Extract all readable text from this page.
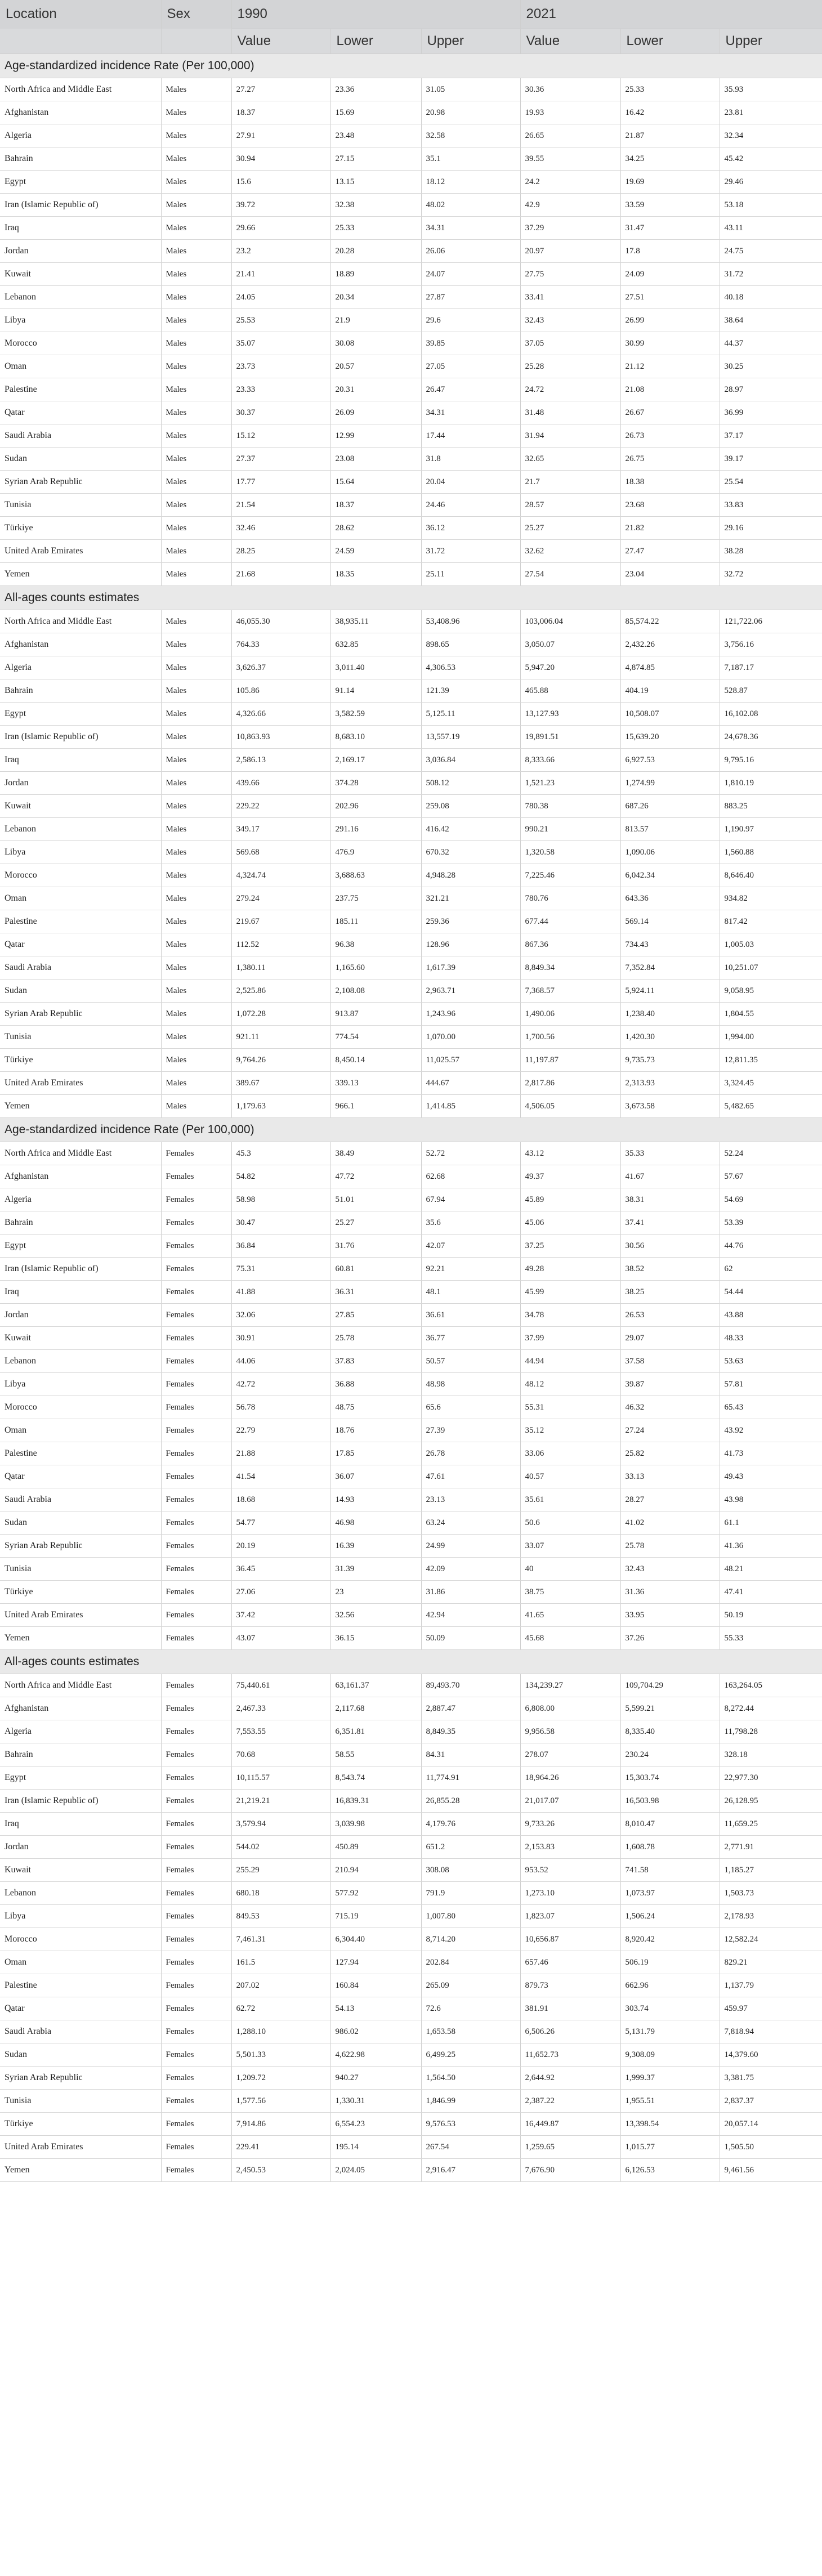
Location	Sex	1990			2021		
		Value	Lower	Upper	Value	Lower	Upper
Age-standardized incidence Rate (Per 100,000)							
North Africa and Middle East	Males	27.27	23.36	31.05	30.36	25.33	35.93
Afghanistan	Males	18.37	15.69	20.98	19.93	16.42	23.81
Algeria	Males	27.91	23.48	32.58	26.65	21.87	32.34
Bahrain	Males	30.94	27.15	35.1	39.55	34.25	45.42
Egypt	Males	15.6	13.15	18.12	24.2	19.69	29.46
Iran (Islamic Republic of)	Males	39.72	32.38	48.02	42.9	33.59	53.18
Iraq	Males	29.66	25.33	34.31	37.29	31.47	43.11
Jordan	Males	23.2	20.28	26.06	20.97	17.8	24.75
Kuwait	Males	21.41	18.89	24.07	27.75	24.09	31.72
Lebanon	Males	24.05	20.34	27.87	33.41	27.51	40.18
Libya	Males	25.53	21.9	29.6	32.43	26.99	38.64
Morocco	Males	35.07	30.08	39.85	37.05	30.99	44.37
Oman	Males	23.73	20.57	27.05	25.28	21.12	30.25
Palestine	Males	23.33	20.31	26.47	24.72	21.08	28.97
Qatar	Males	30.37	26.09	34.31	31.48	26.67	36.99
Saudi Arabia	Males	15.12	12.99	17.44	31.94	26.73	37.17
Sudan	Males	27.37	23.08	31.8	32.65	26.75	39.17
Syrian Arab Republic	Males	17.77	15.64	20.04	21.7	18.38	25.54
Tunisia	Males	21.54	18.37	24.46	28.57	23.68	33.83
Türkiye	Males	32.46	28.62	36.12	25.27	21.82	29.16
United Arab Emirates	Males	28.25	24.59	31.72	32.62	27.47	38.28
Yemen	Males	21.68	18.35	25.11	27.54	23.04	32.72
All-ages counts estimates							
North Africa and Middle East	Males	46,055.30	38,935.11	53,408.96	103,006.04	85,574.22	121,722.06
Afghanistan	Males	764.33	632.85	898.65	3,050.07	2,432.26	3,756.16
Algeria	Males	3,626.37	3,011.40	4,306.53	5,947.20	4,874.85	7,187.17
Bahrain	Males	105.86	91.14	121.39	465.88	404.19	528.87
Egypt	Males	4,326.66	3,582.59	5,125.11	13,127.93	10,508.07	16,102.08
Iran (Islamic Republic of)	Males	10,863.93	8,683.10	13,557.19	19,891.51	15,639.20	24,678.36
Iraq	Males	2,586.13	2,169.17	3,036.84	8,333.66	6,927.53	9,795.16
Jordan	Males	439.66	374.28	508.12	1,521.23	1,274.99	1,810.19
Kuwait	Males	229.22	202.96	259.08	780.38	687.26	883.25
Lebanon	Males	349.17	291.16	416.42	990.21	813.57	1,190.97
Libya	Males	569.68	476.9	670.32	1,320.58	1,090.06	1,560.88
Morocco	Males	4,324.74	3,688.63	4,948.28	7,225.46	6,042.34	8,646.40
Oman	Males	279.24	237.75	321.21	780.76	643.36	934.82
Palestine	Males	219.67	185.11	259.36	677.44	569.14	817.42
Qatar	Males	112.52	96.38	128.96	867.36	734.43	1,005.03
Saudi Arabia	Males	1,380.11	1,165.60	1,617.39	8,849.34	7,352.84	10,251.07
Sudan	Males	2,525.86	2,108.08	2,963.71	7,368.57	5,924.11	9,058.95
Syrian Arab Republic	Males	1,072.28	913.87	1,243.96	1,490.06	1,238.40	1,804.55
Tunisia	Males	921.11	774.54	1,070.00	1,700.56	1,420.30	1,994.00
Türkiye	Males	9,764.26	8,450.14	11,025.57	11,197.87	9,735.73	12,811.35
United Arab Emirates	Males	389.67	339.13	444.67	2,817.86	2,313.93	3,324.45
Yemen	Males	1,179.63	966.1	1,414.85	4,506.05	3,673.58	5,482.65
Age-standardized incidence Rate (Per 100,000)							
North Africa and Middle East	Females	45.3	38.49	52.72	43.12	35.33	52.24
Afghanistan	Females	54.82	47.72	62.68	49.37	41.67	57.67
Algeria	Females	58.98	51.01	67.94	45.89	38.31	54.69
Bahrain	Females	30.47	25.27	35.6	45.06	37.41	53.39
Egypt	Females	36.84	31.76	42.07	37.25	30.56	44.76
Iran (Islamic Republic of)	Females	75.31	60.81	92.21	49.28	38.52	62
Iraq	Females	41.88	36.31	48.1	45.99	38.25	54.44
Jordan	Females	32.06	27.85	36.61	34.78	26.53	43.88
Kuwait	Females	30.91	25.78	36.77	37.99	29.07	48.33
Lebanon	Females	44.06	37.83	50.57	44.94	37.58	53.63
Libya	Females	42.72	36.88	48.98	48.12	39.87	57.81
Morocco	Females	56.78	48.75	65.6	55.31	46.32	65.43
Oman	Females	22.79	18.76	27.39	35.12	27.24	43.92
Palestine	Females	21.88	17.85	26.78	33.06	25.82	41.73
Qatar	Females	41.54	36.07	47.61	40.57	33.13	49.43
Saudi Arabia	Females	18.68	14.93	23.13	35.61	28.27	43.98
Sudan	Females	54.77	46.98	63.24	50.6	41.02	61.1
Syrian Arab Republic	Females	20.19	16.39	24.99	33.07	25.78	41.36
Tunisia	Females	36.45	31.39	42.09	40	32.43	48.21
Türkiye	Females	27.06	23	31.86	38.75	31.36	47.41
United Arab Emirates	Females	37.42	32.56	42.94	41.65	33.95	50.19
Yemen	Females	43.07	36.15	50.09	45.68	37.26	55.33
All-ages counts estimates							
North Africa and Middle East	Females	75,440.61	63,161.37	89,493.70	134,239.27	109,704.29	163,264.05
Afghanistan	Females	2,467.33	2,117.68	2,887.47	6,808.00	5,599.21	8,272.44
Algeria	Females	7,553.55	6,351.81	8,849.35	9,956.58	8,335.40	11,798.28
Bahrain	Females	70.68	58.55	84.31	278.07	230.24	328.18
Egypt	Females	10,115.57	8,543.74	11,774.91	18,964.26	15,303.74	22,977.30
Iran (Islamic Republic of)	Females	21,219.21	16,839.31	26,855.28	21,017.07	16,503.98	26,128.95
Iraq	Females	3,579.94	3,039.98	4,179.76	9,733.26	8,010.47	11,659.25
Jordan	Females	544.02	450.89	651.2	2,153.83	1,608.78	2,771.91
Kuwait	Females	255.29	210.94	308.08	953.52	741.58	1,185.27
Lebanon	Females	680.18	577.92	791.9	1,273.10	1,073.97	1,503.73
Libya	Females	849.53	715.19	1,007.80	1,823.07	1,506.24	2,178.93
Morocco	Females	7,461.31	6,304.40	8,714.20	10,656.87	8,920.42	12,582.24
Oman	Females	161.5	127.94	202.84	657.46	506.19	829.21
Palestine	Females	207.02	160.84	265.09	879.73	662.96	1,137.79
Qatar	Females	62.72	54.13	72.6	381.91	303.74	459.97
Saudi Arabia	Females	1,288.10	986.02	1,653.58	6,506.26	5,131.79	7,818.94
Sudan	Females	5,501.33	4,622.98	6,499.25	11,652.73	9,308.09	14,379.60
Syrian Arab Republic	Females	1,209.72	940.27	1,564.50	2,644.92	1,999.37	3,381.75
Tunisia	Females	1,577.56	1,330.31	1,846.99	2,387.22	1,955.51	2,837.37
Türkiye	Females	7,914.86	6,554.23	9,576.53	16,449.87	13,398.54	20,057.14
United Arab Emirates	Females	229.41	195.14	267.54	1,259.65	1,015.77	1,505.50
Yemen	Females	2,450.53	2,024.05	2,916.47	7,676.90	6,126.53	9,461.56
